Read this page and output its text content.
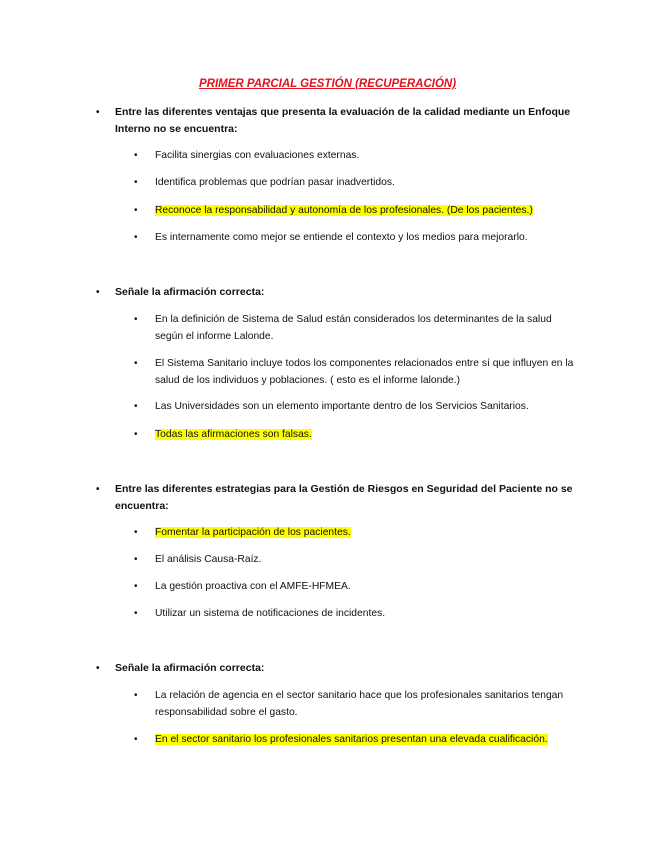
PRIMER PARCIAL GESTIÓN (RECUPERACIÓN)
• Entre las diferentes ventajas que presenta la evaluación de la calidad mediante un Enfoque Interno no se encuentra:
• Facilita sinergias con evaluaciones externas.
• Identifica problemas que podrían pasar inadvertidos.
• Reconoce la responsabilidad y autonomía de los profesionales. (De los pacientes.)
• Es internamente como mejor se entiende el contexto y los medios para mejorarlo.
• Señale la afirmación correcta:
• En la definición de Sistema de Salud están considerados los determinantes de la salud según el informe Lalonde.
• El Sistema Sanitario incluye todos los componentes relacionados entre sí que influyen en la salud de los individuos y poblaciones. ( esto es el informe lalonde.)
• Las Universidades son un elemento importante dentro de los Servicios Sanitarios.
• Todas las afirmaciones son falsas.
• Entre las diferentes estrategias para la Gestión de Riesgos en Seguridad del Paciente no se encuentra:
• Fomentar la participación de los pacientes.
• El análisis Causa-Raíz.
• La gestión proactiva con el AMFE-HFMEA.
• Utilizar un sistema de notificaciones de incidentes.
• Señale la afirmación correcta:
• La relación de agencia en el sector sanitario hace que los profesionales sanitarios tengan responsabilidad sobre el gasto.
• En el sector sanitario los profesionales sanitarios presentan una elevada cualificación.
